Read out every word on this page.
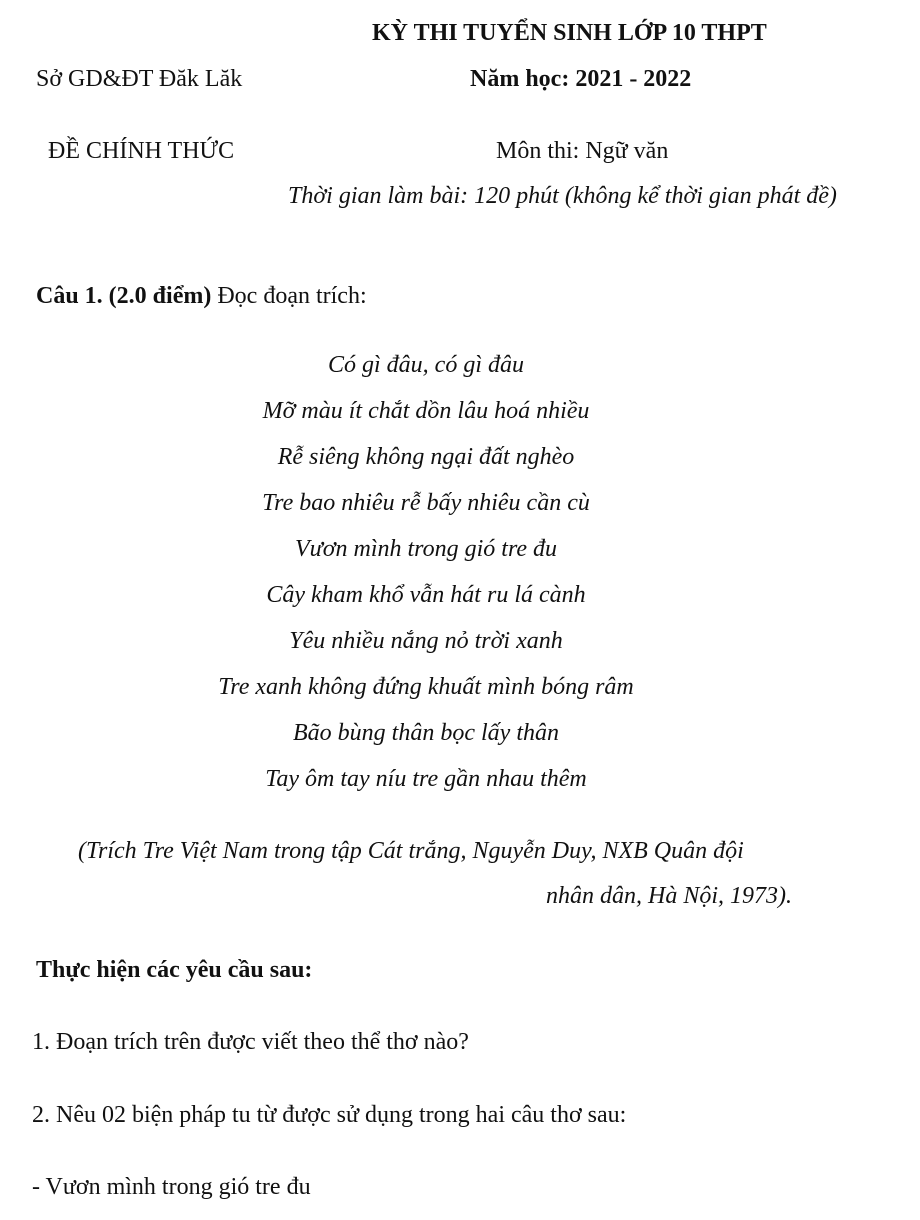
KỲ THI TUYỂN SINH LỚP 10 THPT
Sở GD&ĐT Đăk Lăk	Năm học: 2021 - 2022
ĐỀ CHÍNH THỨC	Môn thi: Ngữ văn
Thời gian làm bài: 120 phút (không kể thời gian phát đề)
Câu 1. (2.0 điểm) Đọc đoạn trích:
Có gì đâu, có gì đâu
Mỡ màu ít chắt dồn lâu hoá nhiều
Rễ siêng không ngại đất nghèo
Tre bao nhiêu rễ bấy nhiêu cần cù
Vươn mình trong gió tre đu
Cây kham khổ vẫn hát ru lá cành
Yêu nhiều nắng nỏ trời xanh
Tre xanh không đứng khuất mình bóng râm
Bão bùng thân bọc lấy thân
Tay ôm tay níu tre gần nhau thêm
(Trích Tre Việt Nam trong tập Cát trắng, Nguyễn Duy, NXB Quân đội
nhân dân, Hà Nội, 1973).
Thực hiện các yêu cầu sau:
1. Đoạn trích trên được viết theo thể thơ nào?
2. Nêu 02 biện pháp tu từ được sử dụng trong hai câu thơ sau:
- Vươn mình trong gió tre đu
